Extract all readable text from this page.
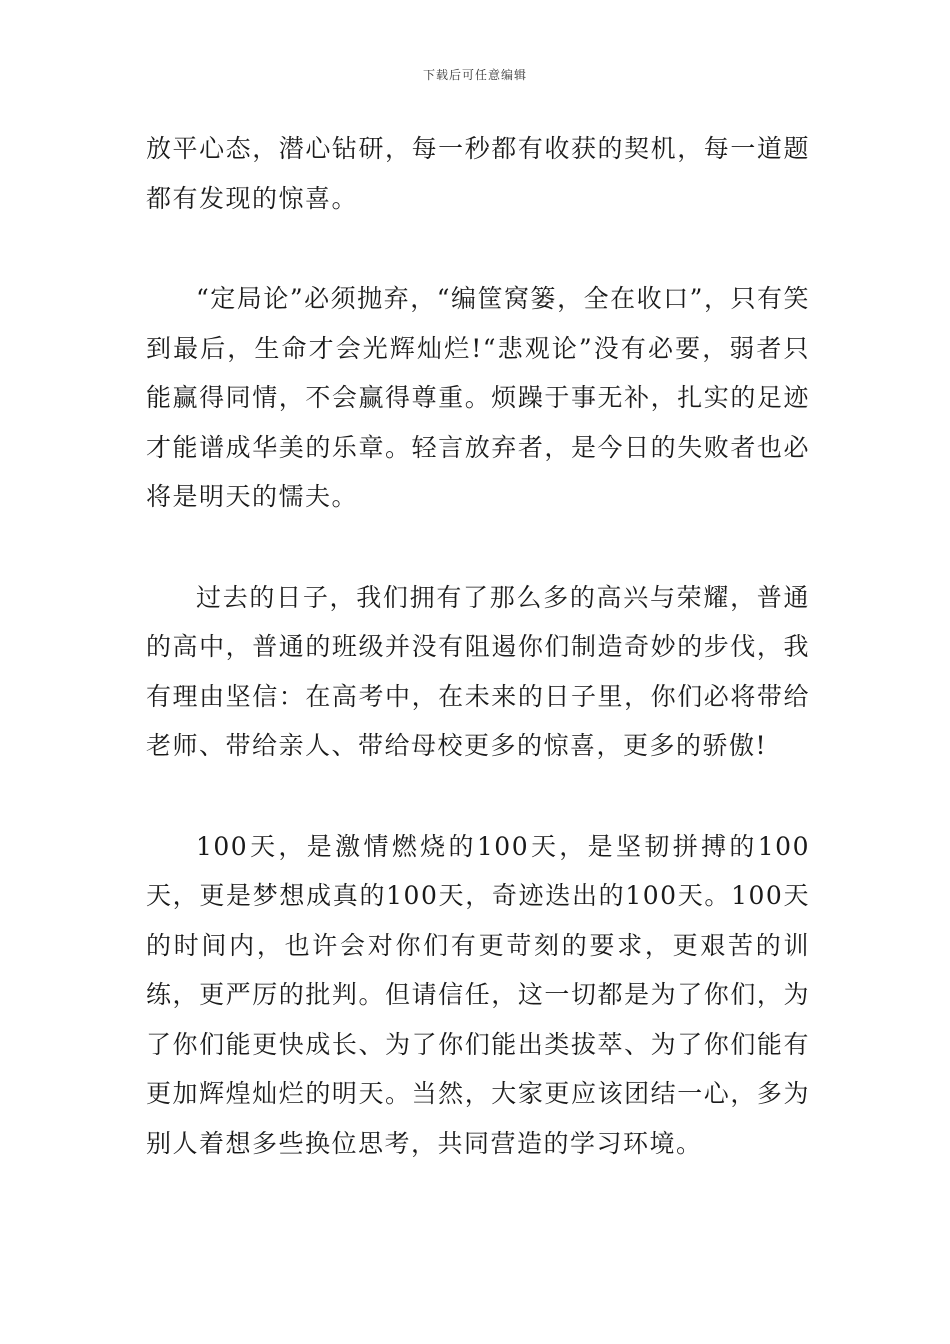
下载后可任意编辑

放平心态，潜心钻研，每一秒都有收获的契机，每一道题都有发现的惊喜。

“定局论”必须抛弃，“编筐窝篓，全在收口”，只有笑到最后，生命才会光辉灿烂!“悲观论”没有必要，弱者只能赢得同情，不会赢得尊重。烦躁于事无补，扎实的足迹才能谱成华美的乐章。轻言放弃者，是今日的失败者也必将是明天的懦夫。

过去的日子，我们拥有了那么多的高兴与荣耀，普通的高中，普通的班级并没有阻遏你们制造奇妙的步伐，我有理由坚信：在高考中，在未来的日子里，你们必将带给老师、带给亲人、带给母校更多的惊喜，更多的骄傲!

100天，是激情燃烧的100天，是坚韧拼搏的100天，更是梦想成真的100天，奇迹迭出的100天。100天的时间内，也许会对你们有更苛刻的要求，更艰苦的训练，更严厉的批判。但请信任，这一切都是为了你们，为了你们能更快成长、为了你们能出类拔萃、为了你们能有更加辉煌灿烂的明天。当然，大家更应该团结一心，多为别人着想多些换位思考，共同营造的学习环境。
